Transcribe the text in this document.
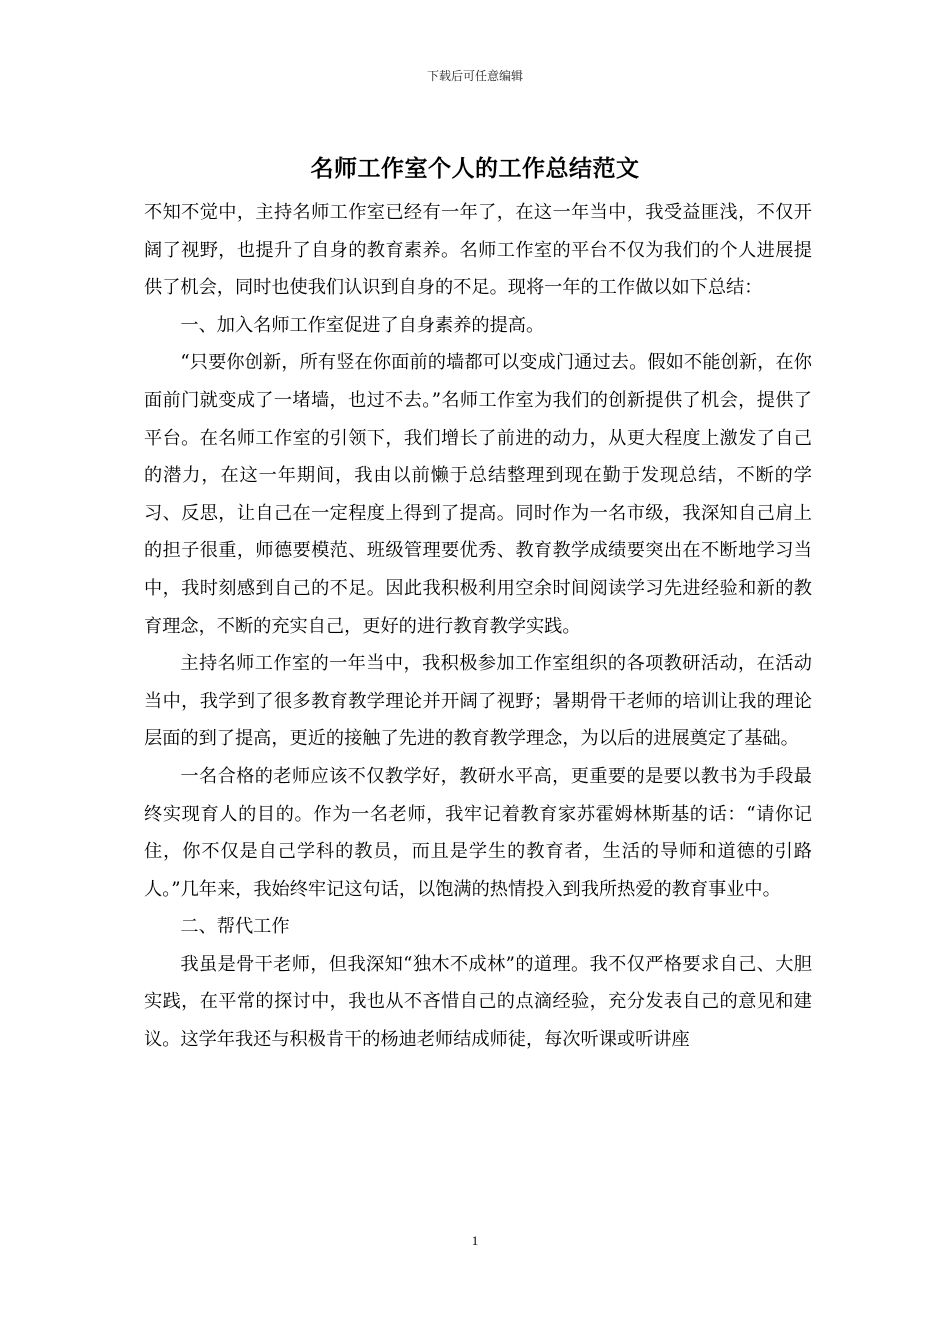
下载后可任意编辑
名师工作室个人的工作总结范文

不知不觉中，主持名师工作室已经有一年了，在这一年当中，我受益匪浅，不仅开阔了视野，也提升了自身的教育素养。名师工作室的平台不仅为我们的个人进展提供了机会，同时也使我们认识到自身的不足。现将一年的工作做以如下总结：

一、加入名师工作室促进了自身素养的提高。

“只要你创新，所有竖在你面前的墙都可以变成门通过去。假如不能创新，在你面前门就变成了一堵墙，也过不去。”名师工作室为我们的创新提供了机会，提供了平台。在名师工作室的引领下，我们增长了前进的动力，从更大程度上激发了自己的潜力，在这一年期间，我由以前懒于总结整理到现在勤于发现总结，不断的学习、反思，让自己在一定程度上得到了提高。同时作为一名市级，我深知自己肩上的担子很重，师德要模范、班级管理要优秀、教育教学成绩要突出在不断地学习当中，我时刻感到自己的不足。因此我积极利用空余时间阅读学习先进经验和新的教育理念，不断的充实自己，更好的进行教育教学实践。

主持名师工作室的一年当中，我积极参加工作室组织的各项教研活动，在活动当中，我学到了很多教育教学理论并开阔了视野；暑期骨干老师的培训让我的理论层面的到了提高，更近的接触了先进的教育教学理念，为以后的进展奠定了基础。

一名合格的老师应该不仅教学好，教研水平高，更重要的是要以教书为手段最终实现育人的目的。作为一名老师，我牢记着教育家苏霍姆林斯基的话：“请你记住，你不仅是自己学科的教员，而且是学生的教育者，生活的导师和道德的引路人。”几年来，我始终牢记这句话，以饱满的热情投入到我所热爱的教育事业中。

二、帮代工作

我虽是骨干老师，但我深知“独木不成林”的道理。我不仅严格要求自己、大胆实践，在平常的探讨中，我也从不吝惜自己的点滴经验，充分发表自己的意见和建议。这学年我还与积极肯干的杨迪老师结成师徒，每次听课或听讲座

1
